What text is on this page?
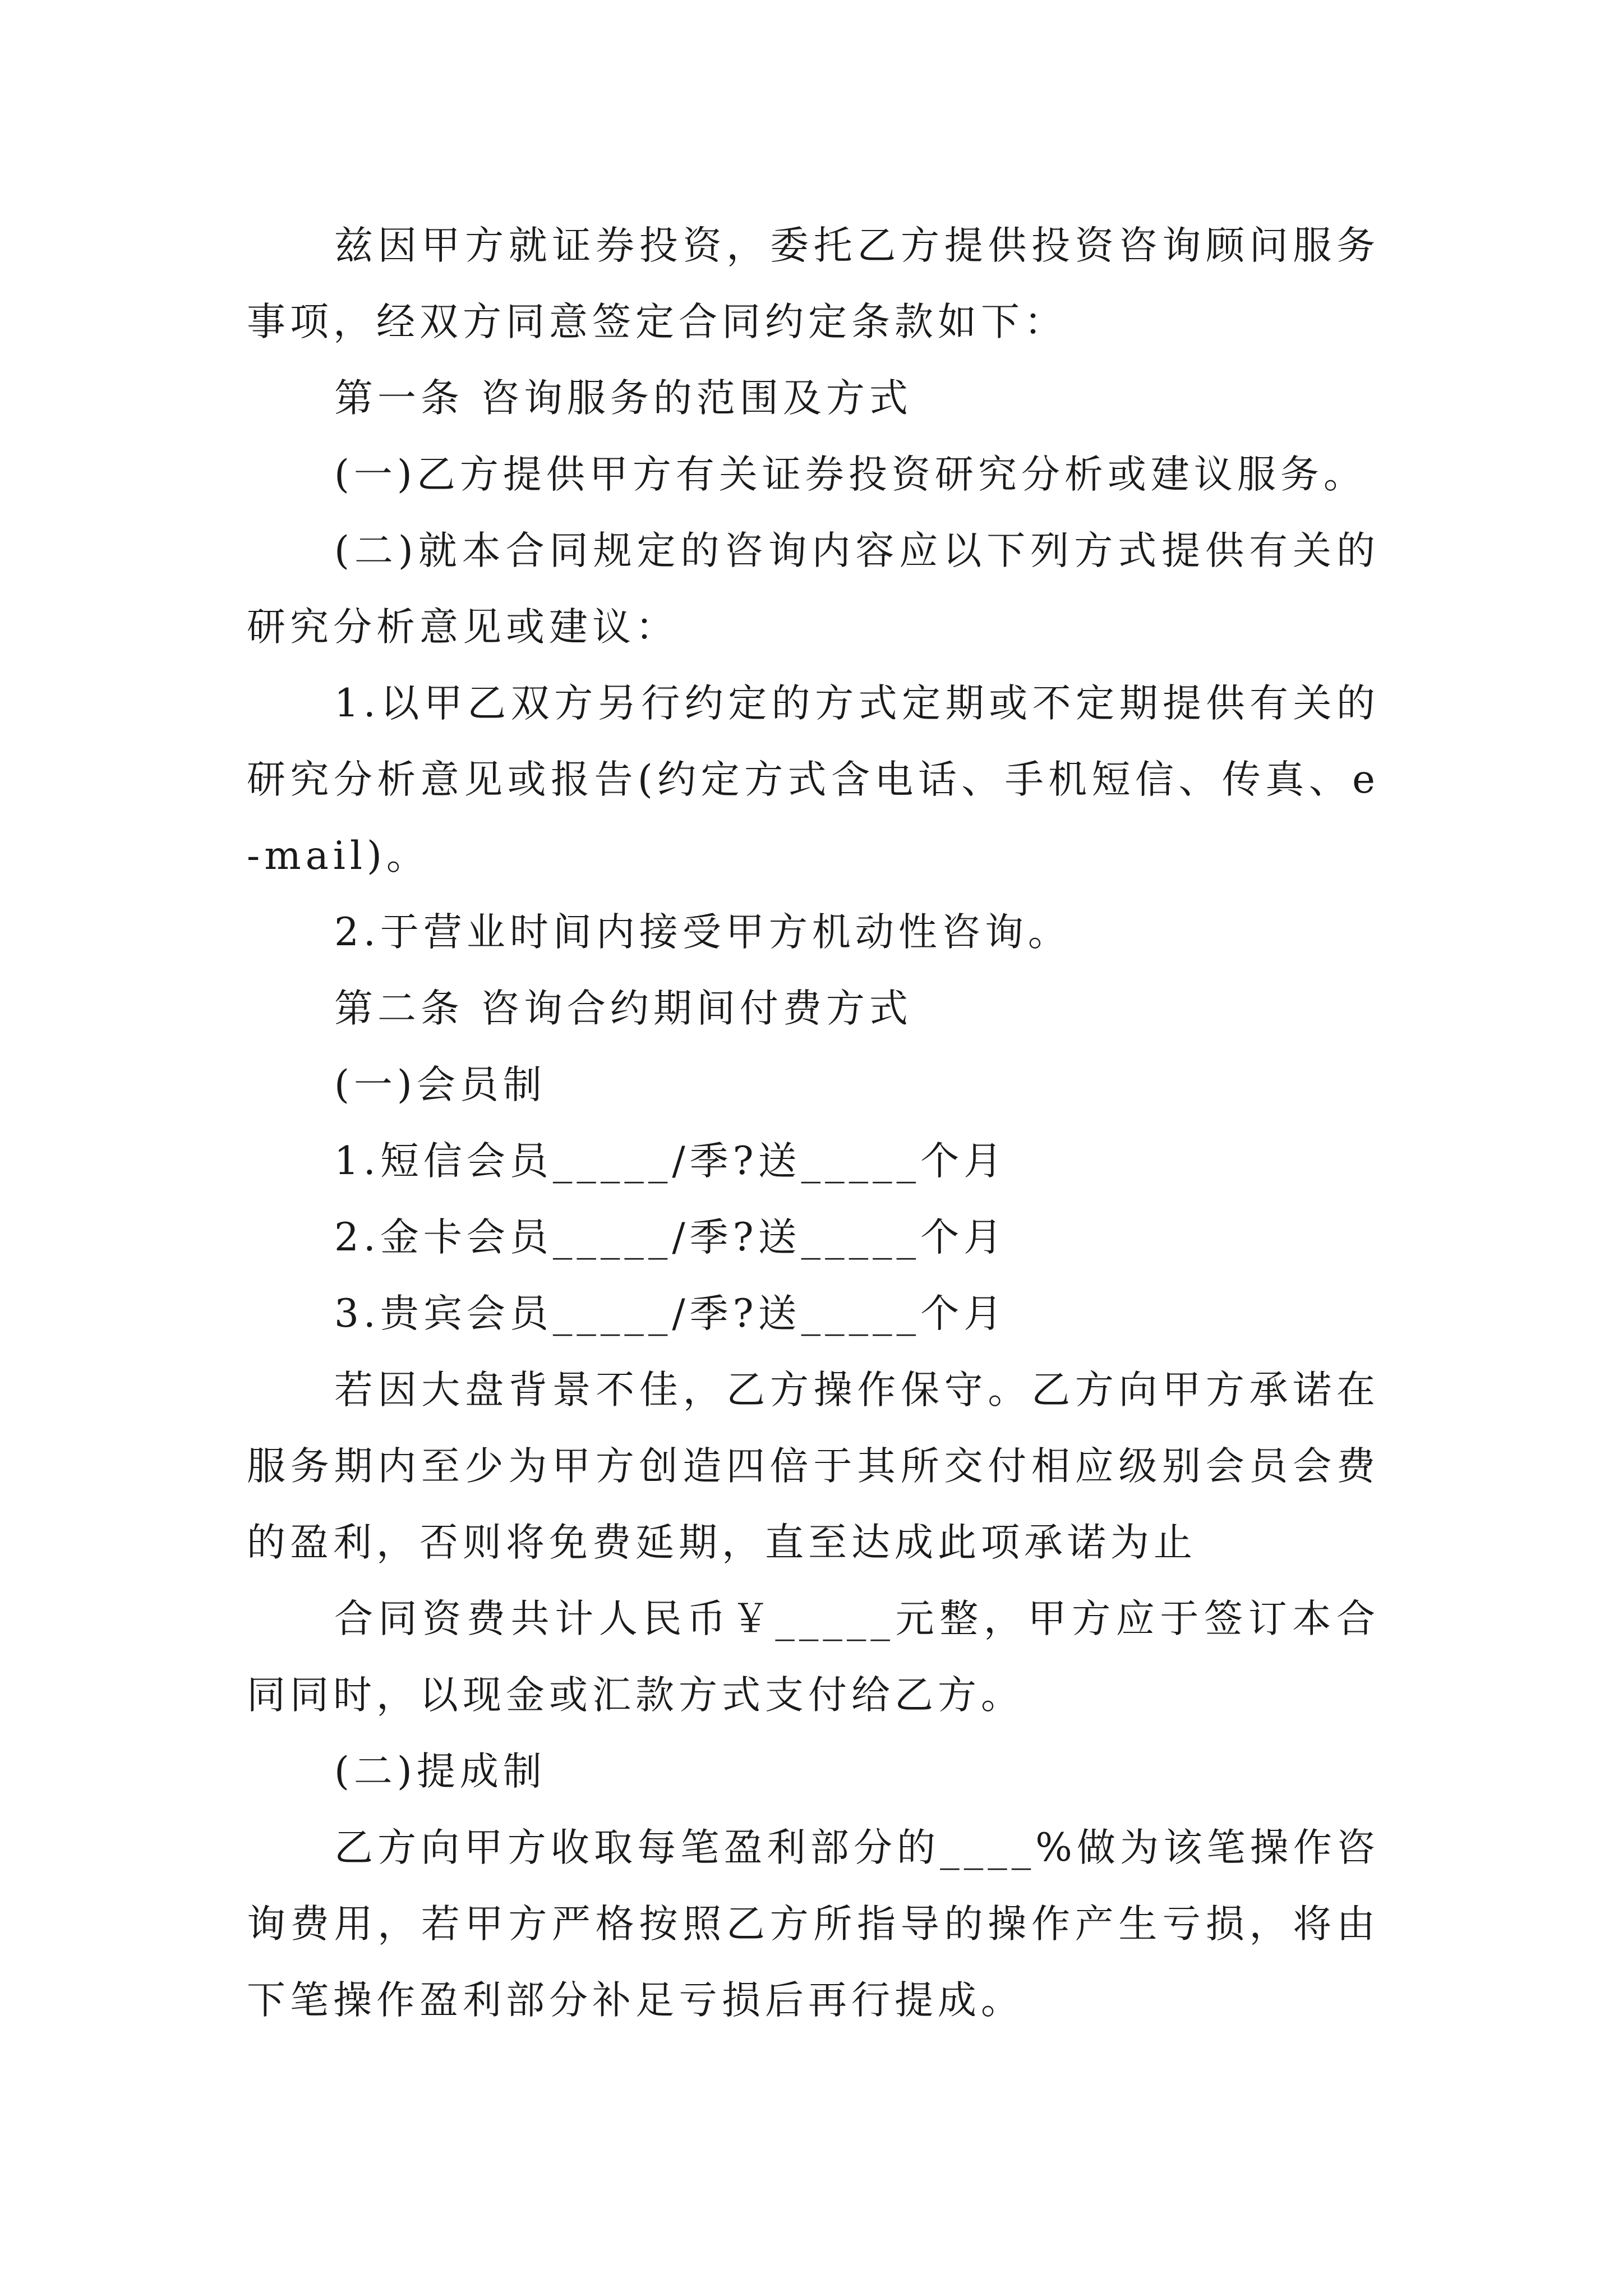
兹因甲方就证券投资，委托乙方提供投资咨询顾问服务事项，经双方同意签定合同约定条款如下：

第一条 咨询服务的范围及方式

(一)乙方提供甲方有关证券投资研究分析或建议服务。

(二)就本合同规定的咨询内容应以下列方式提供有关的研究分析意见或建议：

1.以甲乙双方另行约定的方式定期或不定期提供有关的研究分析意见或报告(约定方式含电话、手机短信、传真、e-mail)。

2.于营业时间内接受甲方机动性咨询。

第二条 咨询合约期间付费方式

(一)会员制

1.短信会员_____/季?送_____个月

2.金卡会员_____/季?送_____个月

3.贵宾会员_____/季?送_____个月

若因大盘背景不佳，乙方操作保守。乙方向甲方承诺在服务期内至少为甲方创造四倍于其所交付相应级别会员会费的盈利，否则将免费延期，直至达成此项承诺为止

合同资费共计人民币￥_____元整，甲方应于签订本合同同时，以现金或汇款方式支付给乙方。

(二)提成制

乙方向甲方收取每笔盈利部分的____%做为该笔操作咨询费用，若甲方严格按照乙方所指导的操作产生亏损，将由下笔操作盈利部分补足亏损后再行提成。
